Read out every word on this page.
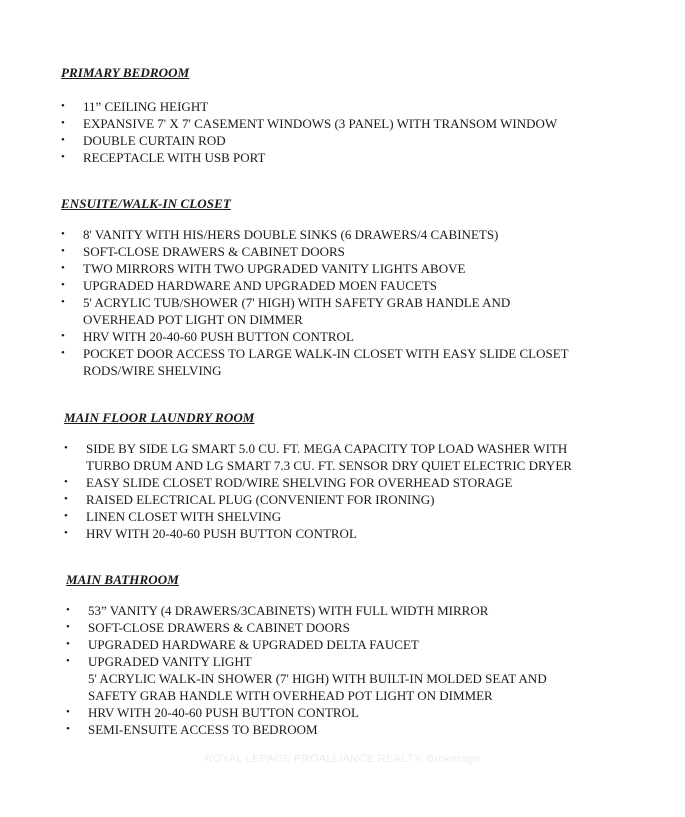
PRIMARY BEDROOM
• 11” CEILING HEIGHT
• EXPANSIVE 7' X 7' CASEMENT WINDOWS (3 PANEL) WITH TRANSOM WINDOW
• DOUBLE CURTAIN ROD
• RECEPTACLE WITH USB PORT
ENSUITE/WALK-IN CLOSET
• 8' VANITY WITH HIS/HERS DOUBLE SINKS (6 DRAWERS/4 CABINETS)
• SOFT-CLOSE DRAWERS & CABINET DOORS
• TWO MIRRORS WITH TWO UPGRADED VANITY LIGHTS ABOVE
• UPGRADED HARDWARE AND UPGRADED MOEN FAUCETS
• 5' ACRYLIC TUB/SHOWER (7' HIGH) WITH SAFETY GRAB HANDLE AND
OVERHEAD POT LIGHT ON DIMMER
• HRV WITH 20-40-60 PUSH BUTTON CONTROL
• POCKET DOOR ACCESS TO LARGE WALK-IN CLOSET WITH EASY SLIDE CLOSET
RODS/WIRE SHELVING
MAIN FLOOR LAUNDRY ROOM
• SIDE BY SIDE LG SMART 5.0 CU. FT. MEGA CAPACITY TOP LOAD WASHER WITH
TURBO DRUM AND LG SMART 7.3 CU. FT. SENSOR DRY QUIET ELECTRIC DRYER
• EASY SLIDE CLOSET ROD/WIRE SHELVING FOR OVERHEAD STORAGE
• RAISED ELECTRICAL PLUG (CONVENIENT FOR IRONING)
• LINEN CLOSET WITH SHELVING
• HRV WITH 20-40-60 PUSH BUTTON CONTROL
MAIN BATHROOM
• 53” VANITY (4 DRAWERS/3CABINETS) WITH FULL WIDTH MIRROR
• SOFT-CLOSE DRAWERS & CABINET DOORS
• UPGRADED HARDWARE & UPGRADED DELTA FAUCET
• UPGRADED VANITY LIGHT
5' ACRYLIC WALK-IN SHOWER (7' HIGH) WITH BUILT-IN MOLDED SEAT AND
SAFETY GRAB HANDLE WITH OVERHEAD POT LIGHT ON DIMMER
• HRV WITH 20-40-60 PUSH BUTTON CONTROL
• SEMI-ENSUITE ACCESS TO BEDROOM
ROYAL LEPAGE PROALLIANCE REALTY, Brokerage
